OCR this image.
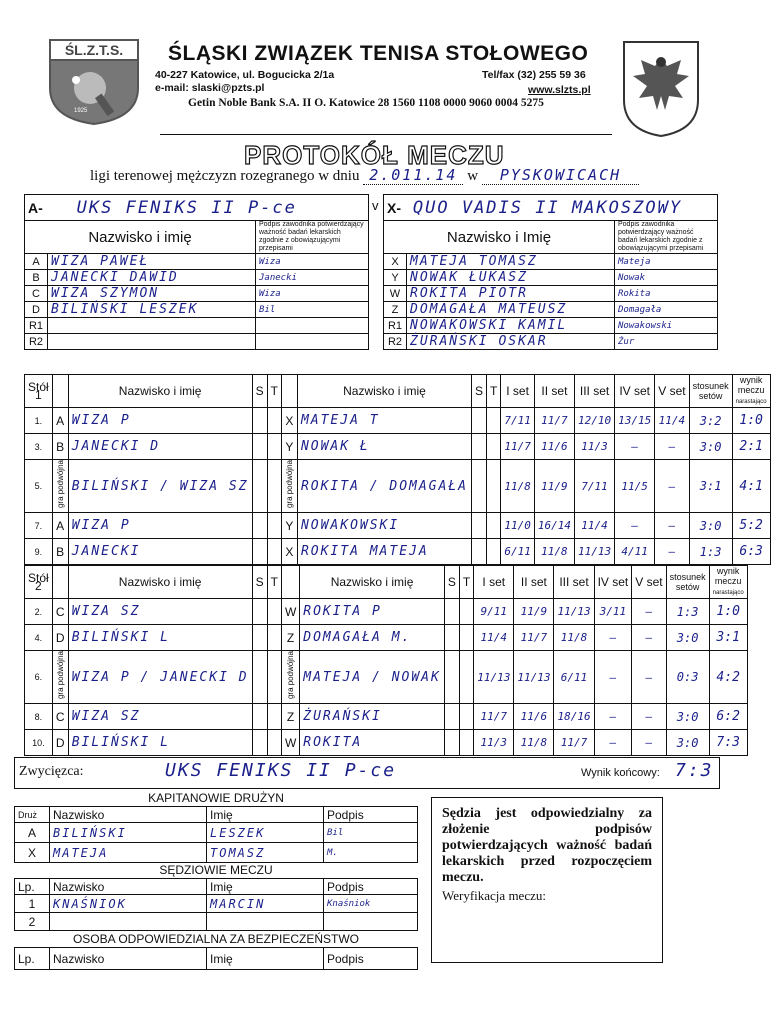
ŚL.Z.T.S.
1925
ŚLĄSKI ZWIĄZEK TENISA STOŁOWEGO
40-227 Katowice, ul. Bogucicka 2/1a	Tel/fax (32) 255 59 36
e-mail: slaski@pzts.pl	www.slzts.pl
Getin Noble Bank S.A. II O. Katowice 28 1560 1108 0000 9060 0004 5275
PROTOKÓŁ MECZU
ligi terenowej mężczyzn rozegranego w dniu 2.011.14 w PYSKOWICACH
A- UKS FENIKS II P-ce		
Nazwisko i imię		Podpis zawodnika potwierdzający ważność badań lekarskich zgodnie z obowiązującymi przepisami
A	WIZA PAWEŁ	Wiza
B	JANECKI DAWID	Janecki
C	WIZA SZYMON	Wiza
D	BILIŃSKI LESZEK	Bil
R1		
R2		
v X- QUO VADIS II MAKOSZOWY		
Nazwisko i Imię		Podpis zawodnika potwierdzający ważność badań lekarskich zgodnie z obowiązującymi przepisami
X	MATEJA TOMASZ	Mateja
Y	NOWAK ŁUKASZ	Nowak
W	ROKITA PIOTR	Rokita
Z	DOMAGAŁA MATEUSZ	Domagała
R1	NOWAKOWSKI KAMIL	Nowakowski
R2	ŻURAŃSKI OSKAR	Żur
Stół 1		Nazwisko i imię	S	T		Nazwisko i imię	S	T	I set	II set	III set	IV set	V set	stosunek setów	wynik meczu
narastająco
1.	A	WIZA P			X	MATEJA T			7/11	11/7	12/10	13/15	11/4	3:2	1:0
3.	B	JANECKI D			Y	NOWAK Ł			11/7	11/6	11/3	—	—	3:0	2:1
5.	gra podwójna	BILIŃSKI / WIZA SZ			gra podwójna	ROKITA / DOMAGAŁA			11/8	11/9	7/11	11/5	—	3:1	4:1
7.	A	WIZA P			Y	NOWAKOWSKI			11/0	16/14	11/4	—	—	3:0	5:2
9.	B	JANECKI			X	ROKITA MATEJA			6/11	11/8	11/13	4/11	—	1:3	6:3
Stół 2		Nazwisko i imię	S	T		Nazwisko i imię	S	T	I set	II set	III set	IV set	V set	stosunek setów	wynik meczu
narastająco
2.	C	WIZA SZ			W	ROKITA P			9/11	11/9	11/13	3/11	—	1:3	1:0
4.	D	BILIŃSKI L			Z	DOMAGAŁA M.			11/4	11/7	11/8	—	—	3:0	3:1
6.	gra podwójna	WIZA P / JANECKI D			gra podwójna	MATEJA / NOWAK			11/13	11/13	6/11	—	—	0:3	4:2
8.	C	WIZA SZ			Z	ŻURAŃSKI			11/7	11/6	18/16	—	—	3:0	6:2
10.	D	BILIŃSKI L			W	ROKITA			11/3	11/8	11/7	—	—	3:0	7:3
Zwycięzca:	UKS FENIKS II P-ce	Wynik końcowy: 7:3
KAPITANOWIE DRUŻYN
Druż	Nazwisko	Imię	Podpis
A	BILIŃSKI	LESZEK	Bil
X	MATEJA	TOMASZ	M.
SĘDZIOWIE MECZU
Lp.	Nazwisko	Imię	Podpis
1	KNAŚNIOK	MARCIN	Knaśniok
2			
OSOBA ODPOWIEDZIALNA ZA BEZPIECZEŃSTWO
Lp.	Nazwisko	Imię	Podpis
Sędzia jest odpowiedzialny za złożenie podpisów potwierdzających ważność badań lekarskich przed rozpoczęciem meczu.
Weryfikacja meczu:
